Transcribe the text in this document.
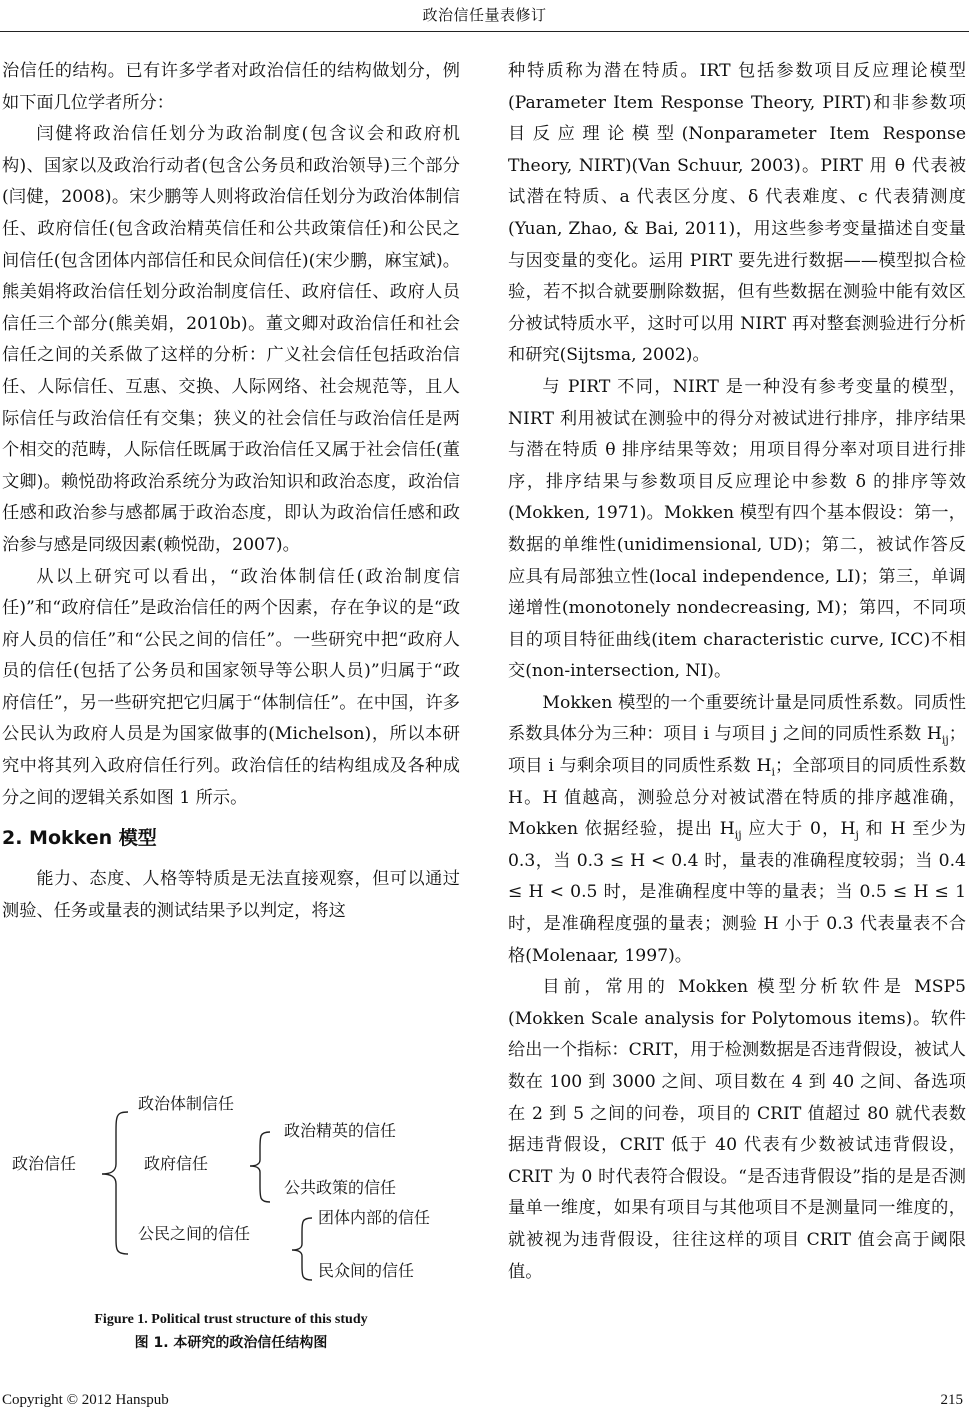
政治信任量表修订

治信任的结构。已有许多学者对政治信任的结构做划分，例如下面几位学者所分：

闫健将政治信任划分为政治制度(包含议会和政府机构)、国家以及政治行动者(包含公务员和政治领导)三个部分(闫健，2008)。宋少鹏等人则将政治信任划分为政治体制信任、政府信任(包含政治精英信任和公共政策信任)和公民之间信任(包含团体内部信任和民众间信任)(宋少鹏，麻宝斌)。熊美娟将政治信任划分政治制度信任、政府信任、政府人员信任三个部分(熊美娟，2010b)。董文卿对政治信任和社会信任之间的关系做了这样的分析：广义社会信任包括政治信任、人际信任、互惠、交换、人际网络、社会规范等，且人际信任与政治信任有交集；狭义的社会信任与政治信任是两个相交的范畴，人际信任既属于政治信任又属于社会信任(董文卿)。赖悦劭将政治系统分为政治知识和政治态度，政治信任感和政治参与感都属于政治态度，即认为政治信任感和政治参与感是同级因素(赖悦劭，2007)。

从以上研究可以看出，“政治体制信任(政治制度信任)”和“政府信任”是政治信任的两个因素，存在争议的是“政府人员的信任”和“公民之间的信任”。一些研究中把“政府人员的信任(包括了公务员和国家领导等公职人员)”归属于“政府信任”，另一些研究把它归属于“体制信任”。在中国，许多公民认为政府人员是为国家做事的(Michelson)，所以本研究中将其列入政府信任行列。政治信任的结构组成及各种成分之间的逻辑关系如图 1 所示。

2. Mokken 模型

能力、态度、人格等特质是无法直接观察，但可以通过测验、任务或量表的测试结果予以判定，将这

政治信任
政治体制信任
政府信任
公民之间的信任
政治精英的信任
公共政策的信任
团体内部的信任
民众间的信任
Figure 1. Political trust structure of this study
图 1. 本研究的政治信任结构图

种特质称为潜在特质。IRT 包括参数项目反应理论模型(Parameter Item Response Theory, PIRT)和非参数项目反应理论模型(Nonparameter Item Response Theory, NIRT)(Van Schuur, 2003)。PIRT 用 θ 代表被试潜在特质、a 代表区分度、δ 代表难度、c 代表猜测度(Yuan, Zhao, & Bai, 2011)，用这些参考变量描述自变量与因变量的变化。运用 PIRT 要先进行数据——模型拟合检验，若不拟合就要删除数据，但有些数据在测验中能有效区分被试特质水平，这时可以用 NIRT 再对整套测验进行分析和研究(Sijtsma, 2002)。

与 PIRT 不同，NIRT 是一种没有参考变量的模型，NIRT 利用被试在测验中的得分对被试进行排序，排序结果与潜在特质 θ 排序结果等效；用项目得分率对项目进行排序，排序结果与参数项目反应理论中参数 δ 的排序等效(Mokken, 1971)。Mokken 模型有四个基本假设：第一，数据的单维性(unidimensional, UD)；第二，被试作答反应具有局部独立性(local independence, LI)；第三，单调递增性(monotonely nondecreasing, M)；第四，不同项目的项目特征曲线(item characteristic curve, ICC)不相交(non-intersection, NI)。

Mokken 模型的一个重要统计量是同质性系数。同质性系数具体分为三种：项目 i 与项目 j 之间的同质性系数 $H_{ij}$；项目 i 与剩余项目的同质性系数 $H_i$；全部项目的同质性系数 H。H 值越高，测验总分对被试潜在特质的排序越准确，Mokken 依据经验，提出 $H_{ij}$ 应大于 0，$H_j$ 和 H 至少为 0.3，当 0.3 ≤ H < 0.4 时，量表的准确程度较弱；当 0.4 ≤ H < 0.5 时，是准确程度中等的量表；当 0.5 ≤ H ≤ 1 时，是准确程度强的量表；测验 H 小于 0.3 代表量表不合格(Molenaar, 1997)。

目前，常用的 Mokken 模型分析软件是 MSP5 (Mokken Scale analysis for Polytomous items)。软件给出一个指标：CRIT，用于检测数据是否违背假设，被试人数在 100 到 3000 之间、项目数在 4 到 40 之间、备选项在 2 到 5 之间的问卷，项目的 CRIT 值超过 80 就代表数据违背假设，CRIT 低于 40 代表有少数被试违背假设，CRIT 为 0 时代表符合假设。“是否违背假设”指的是是否测量单一维度，如果有项目与其他项目不是测量同一维度的，就被视为违背假设，往往这样的项目 CRIT 值会高于阈限值。

Copyright © 2012 Hanspub	215
